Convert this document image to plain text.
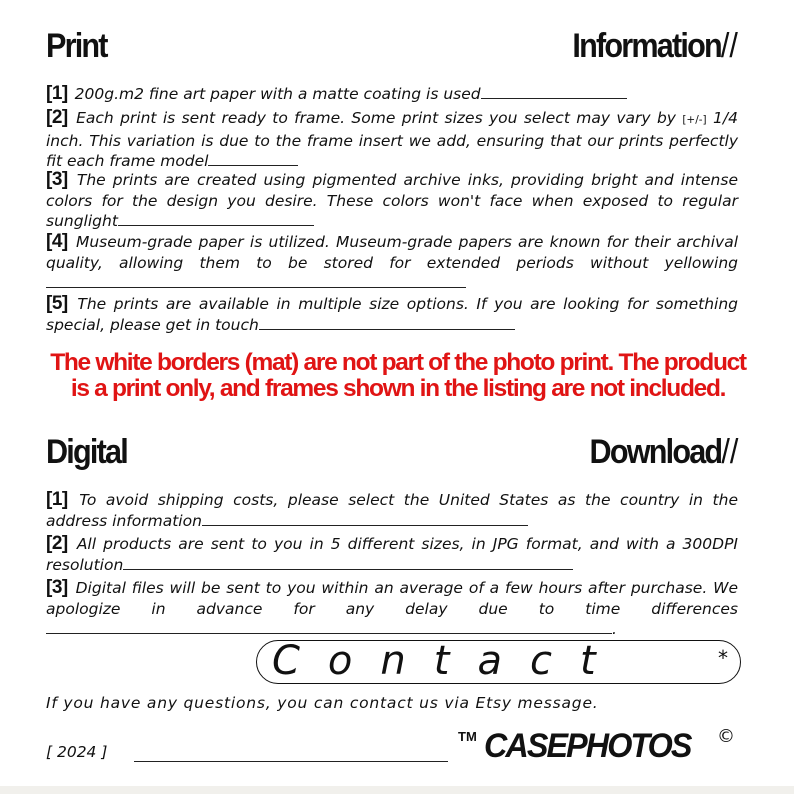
Print	Information//
[1] 200g.m2 fine art paper with a matte coating is used
[2] Each print is sent ready to frame. Some print sizes you select may vary by [+/-] 1/4 inch. This variation is due to the frame insert we add, ensuring that our prints perfectly fit each frame model
[3] The prints are created using pigmented archive inks, providing bright and intense colors for the design you desire. These colors won't face when exposed to regular sunglight
[4] Museum-grade paper is utilized. Museum-grade papers are known for their archival quality, allowing them to be stored for extended periods without yellowing
[5] The prints are available in multiple size options. If you are looking for something special, please get in touch
The white borders (mat) are not part of the photo print. The product is a print only, and frames shown in the listing are not included.
Digital	Download//
[1] To avoid shipping costs, please select the United States as the country in the address information
[2] All products are sent to you in 5 different sizes, in JPG format, and with a 300DPI resolution
[3] Digital files will be sent to you within an average of a few hours after purchase. We apologize in advance for any delay due to time differences.
Contact	*
If you have any questions, you can contact us via Etsy message.
[ 2024 ]
TM CASEPHOTOS ©
